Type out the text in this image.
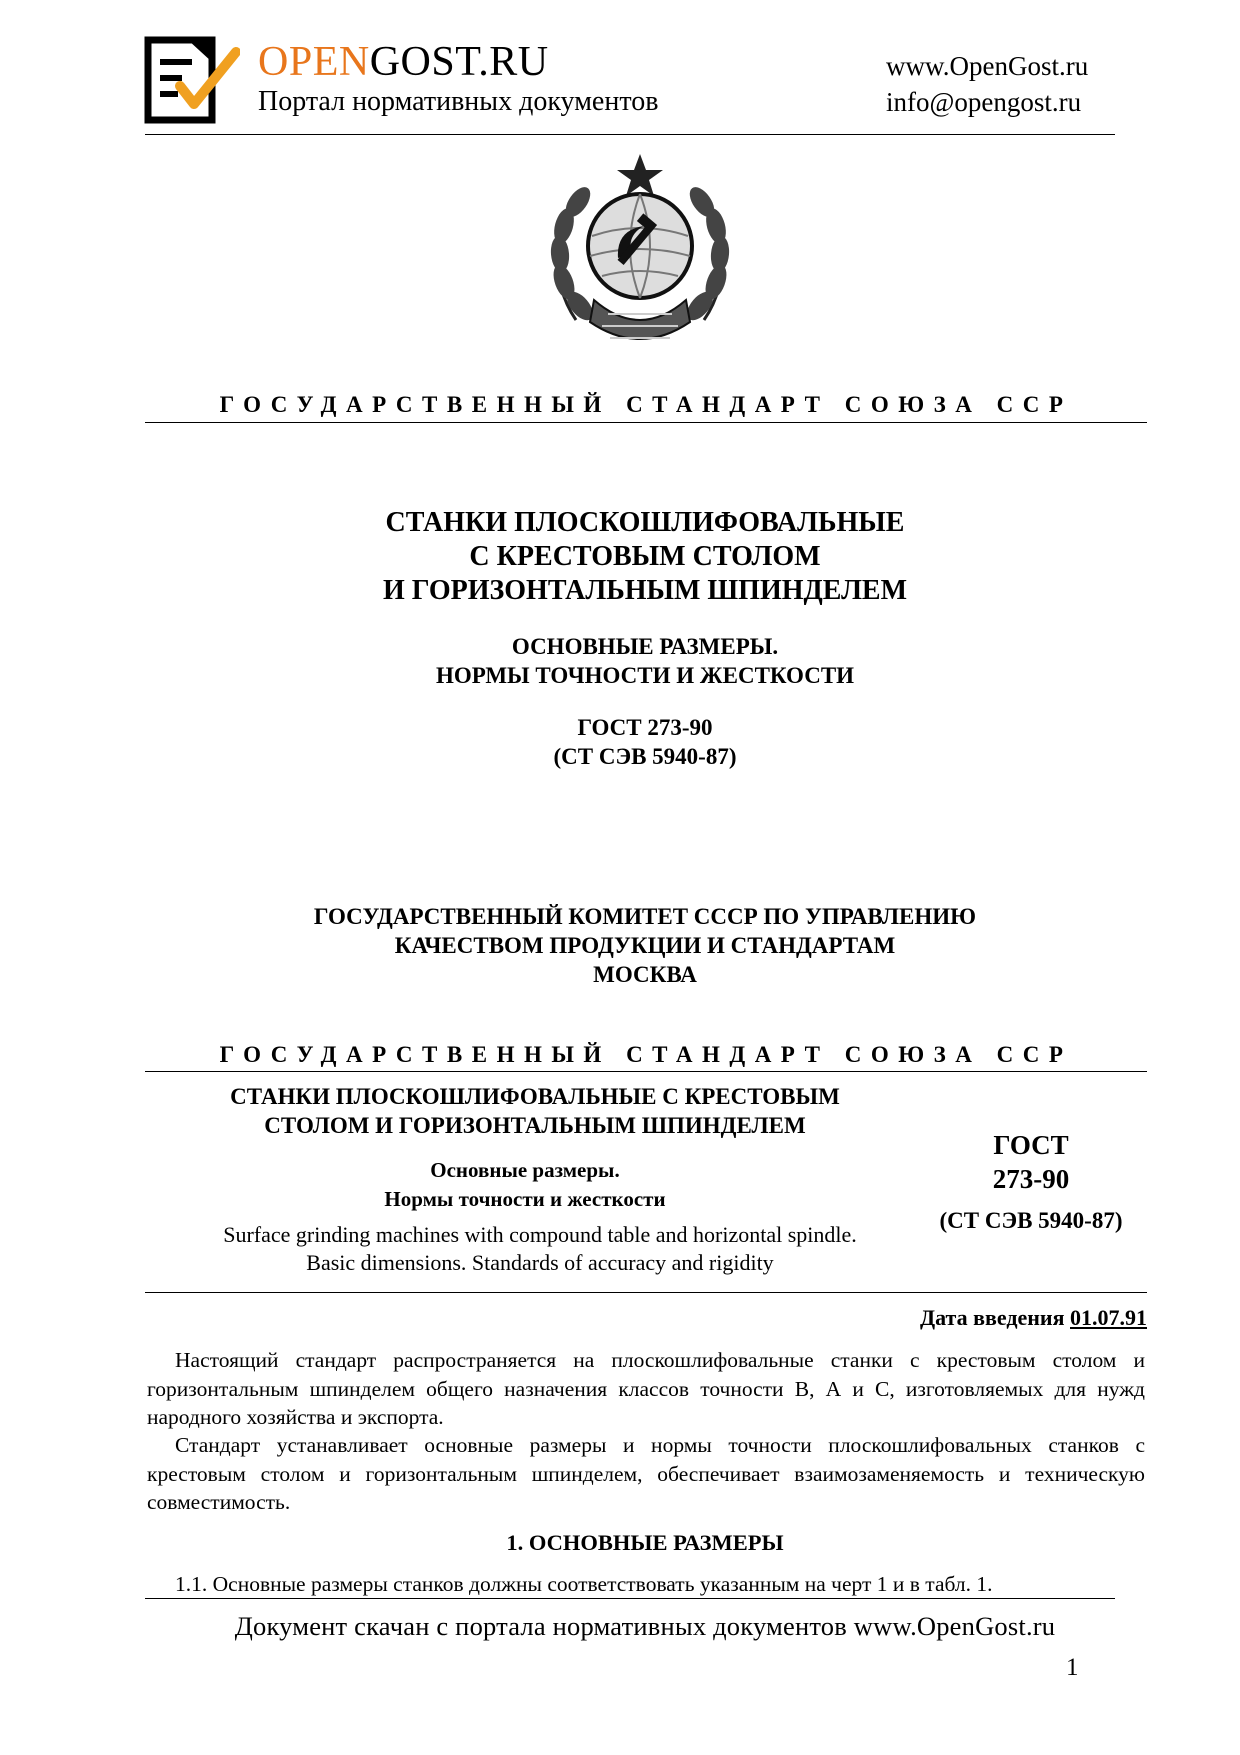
OPENGOST.RU
Портал нормативных документов
www.OpenGost.ru
info@opengost.ru
ГОСУДАРСТВЕННЫЙ СТАНДАРТ СОЮЗА ССР
СТАНКИ ПЛОСКОШЛИФОВАЛЬНЫЕ
С КРЕСТОВЫМ СТОЛОМ
И ГОРИЗОНТАЛЬНЫМ ШПИНДЕЛЕМ
ОСНОВНЫЕ РАЗМЕРЫ.
НОРМЫ ТОЧНОСТИ И ЖЕСТКОСТИ
ГОСТ 273-90
(СТ СЭВ 5940-87)
ГОСУДАРСТВЕННЫЙ КОМИТЕТ СССР ПО УПРАВЛЕНИЮ
КАЧЕСТВОМ ПРОДУКЦИИ И СТАНДАРТАМ
МОСКВА
ГОСУДАРСТВЕННЫЙ СТАНДАРТ СОЮЗА ССР
СТАНКИ ПЛОСКОШЛИФОВАЛЬНЫЕ С КРЕСТОВЫМ
СТОЛОМ И ГОРИЗОНТАЛЬНЫМ ШПИНДЕЛЕМ
Основные размеры.
Нормы точности и жесткости
Surface grinding machines with compound table and horizontal spindle.
Basic dimensions. Standards of accuracy and rigidity
ГОСТ
273-90
(СТ СЭВ 5940-87)
Дата введения 01.07.91
Настоящий стандарт распространяется на плоскошлифовальные станки с крестовым столом и горизонтальным шпинделем общего назначения классов точности В, А и С, изготовляемых для нужд народного хозяйства и экспорта.
Стандарт устанавливает основные размеры и нормы точности плоскошлифовальных станков с крестовым столом и горизонтальным шпинделем, обеспечивает взаимозаменяемость и техническую совместимость.
1. ОСНОВНЫЕ РАЗМЕРЫ
1.1. Основные размеры станков должны соответствовать указанным на черт 1 и в табл. 1.
Документ скачан с портала нормативных документов www.OpenGost.ru
1
